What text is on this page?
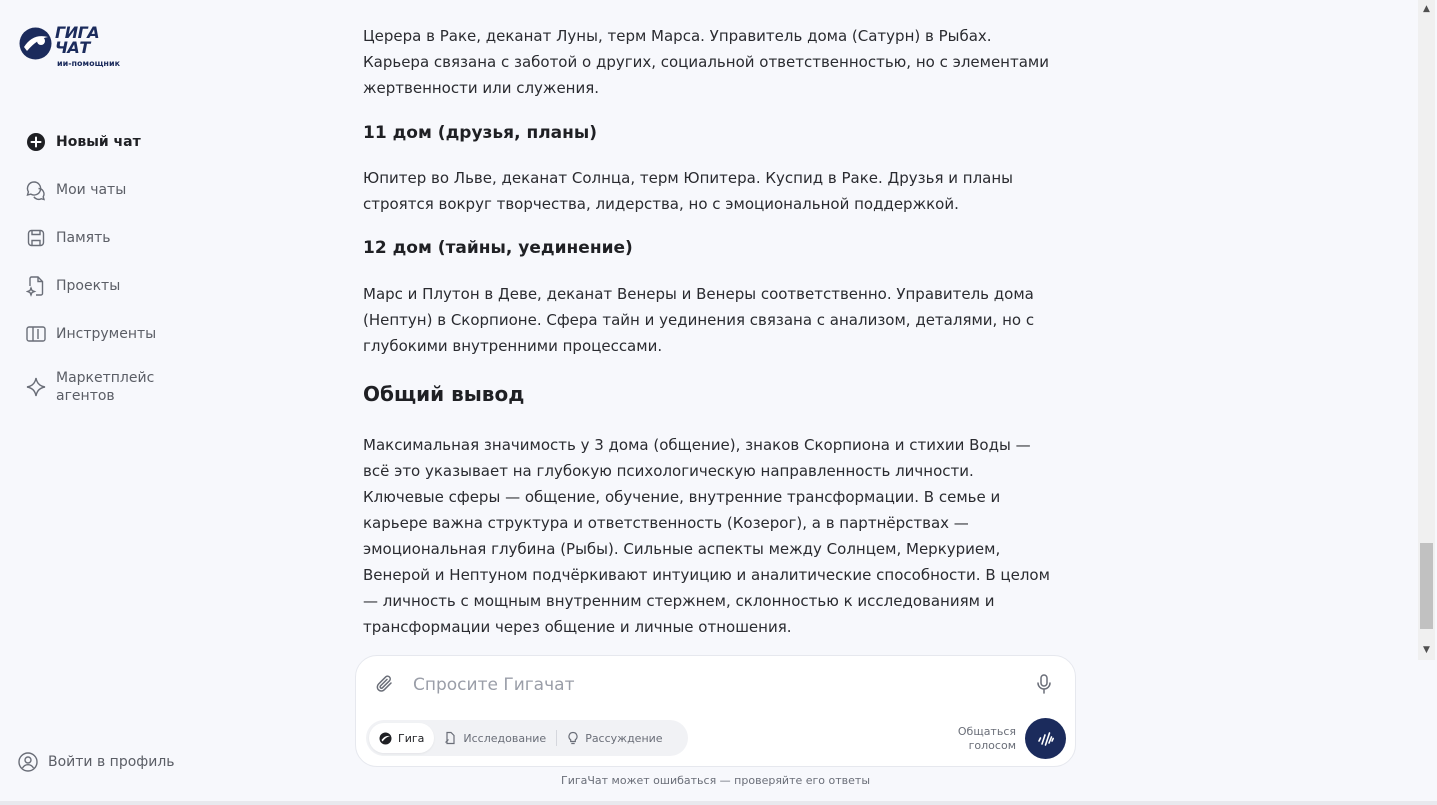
ГИГА
ЧАТ
ии-помощник
Новый чат
Мои чаты
Память
Проекты
Инструменты
Маркетплейс агентов
Войти в профиль

Церера в Раке, деканат Луны, терм Марса. Управитель дома (Сатурн) в Рыбах. Карьера связана с заботой о других, социальной ответственностью, но с элементами жертвенности или служения.

11 дом (друзья, планы)

Юпитер во Льве, деканат Солнца, терм Юпитера. Куспид в Раке. Друзья и планы строятся вокруг творчества, лидерства, но с эмоциональной поддержкой.

12 дом (тайны, уединение)

Марс и Плутон в Деве, деканат Венеры и Венеры соответственно. Управитель дома (Нептун) в Скорпионе. Сфера тайн и уединения связана с анализом, деталями, но с глубокими внутренними процессами.

Общий вывод

Максимальная значимость у 3 дома (общение), знаков Скорпиона и стихии Воды — всё это указывает на глубокую психологическую направленность личности. Ключевые сферы — общение, обучение, внутренние трансформации. В семье и карьере важна структура и ответственность (Козерог), а в партнёрствах — эмоциональная глубина (Рыбы). Сильные аспекты между Солнцем, Меркурием, Венерой и Нептуном подчёркивают интуицию и аналитические способности. В целом — личность с мощным внутренним стержнем, склонностью к исследованиям и трансформации через общение и личные отношения.

Спросите Гигачат
Гига	Исследование	Рассуждение	Общаться
голосом
ГигаЧат может ошибаться — проверяйте его ответы
▲
▼
